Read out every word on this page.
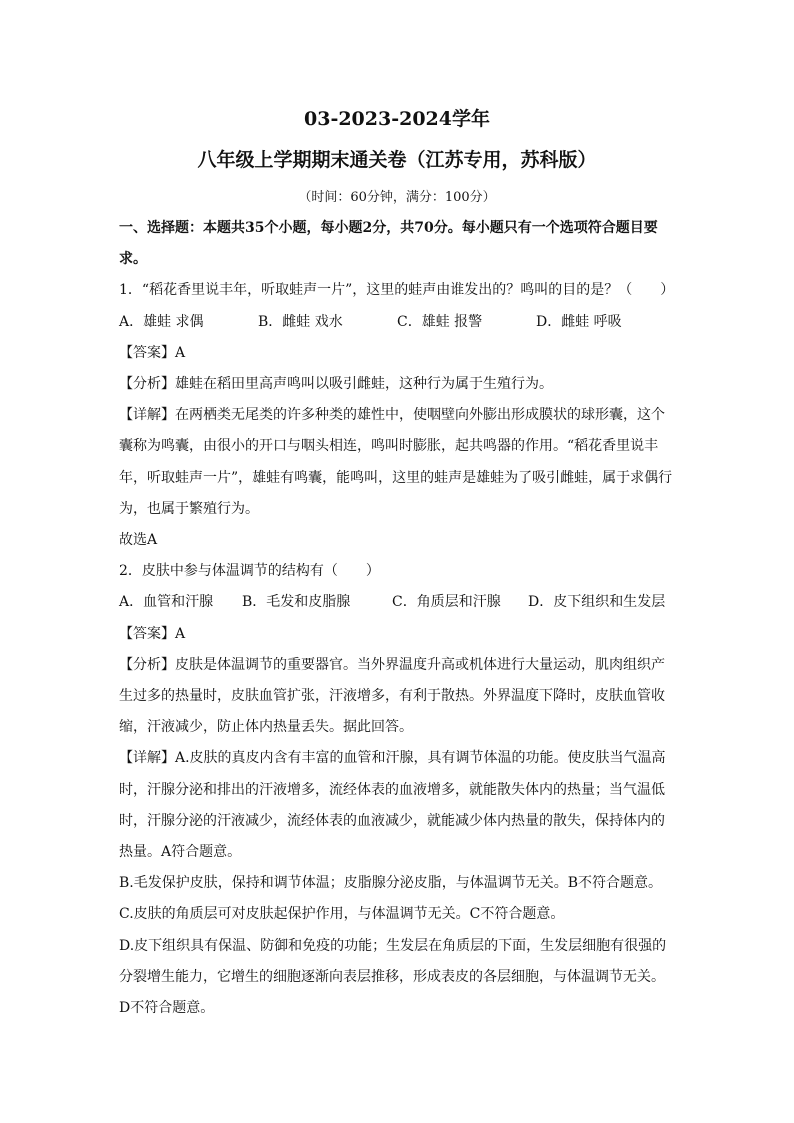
03-2023-2024学年
八年级上学期期末通关卷（江苏专用，苏科版）
（时间：60分钟，满分：100分）

一、选择题：本题共35个小题，每小题2分，共70分。每小题只有一个选项符合题目要

求。

1．“稻花香里说丰年，听取蛙声一片”，这里的蛙声由谁发出的？鸣叫的目的是？（　　）

A．雄蛙 求偶	B．雌蛙 戏水	C．雄蛙 报警	D．雌蛙 呼吸

【答案】A

【分析】雄蛙在稻田里高声鸣叫以吸引雌蛙，这种行为属于生殖行为。

【详解】在两栖类无尾类的许多种类的雄性中，使咽壁向外膨出形成膜状的球形囊，这个

囊称为鸣囊，由很小的开口与咽头相连，鸣叫时膨胀，起共鸣器的作用。“稻花香里说丰

年，听取蛙声一片”，雄蛙有鸣囊，能鸣叫，这里的蛙声是雄蛙为了吸引雌蛙，属于求偶行

为，也属于繁殖行为。

故选A

2．皮肤中参与体温调节的结构有（　　）

A．血管和汗腺	B．毛发和皮脂腺	C．角质层和汗腺	D．皮下组织和生发层

【答案】A

【分析】皮肤是体温调节的重要器官。当外界温度升高或机体进行大量运动，肌肉组织产

生过多的热量时，皮肤血管扩张，汗液增多，有利于散热。外界温度下降时，皮肤血管收

缩，汗液减少，防止体内热量丢失。据此回答。

【详解】A.皮肤的真皮内含有丰富的血管和汗腺，具有调节体温的功能。使皮肤当气温高

时，汗腺分泌和排出的汗液增多，流经体表的血液增多，就能散失体内的热量；当气温低

时，汗腺分泌的汗液减少，流经体表的血液减少，就能减少体内热量的散失，保持体内的

热量。A符合题意。

B.毛发保护皮肤，保持和调节体温；皮脂腺分泌皮脂，与体温调节无关。B不符合题意。

C.皮肤的角质层可对皮肤起保护作用，与体温调节无关。C不符合题意。

D.皮下组织具有保温、防御和免疫的功能；生发层在角质层的下面，生发层细胞有很强的

分裂增生能力，它增生的细胞逐渐向表层推移，形成表皮的各层细胞，与体温调节无关。

D不符合题意。
